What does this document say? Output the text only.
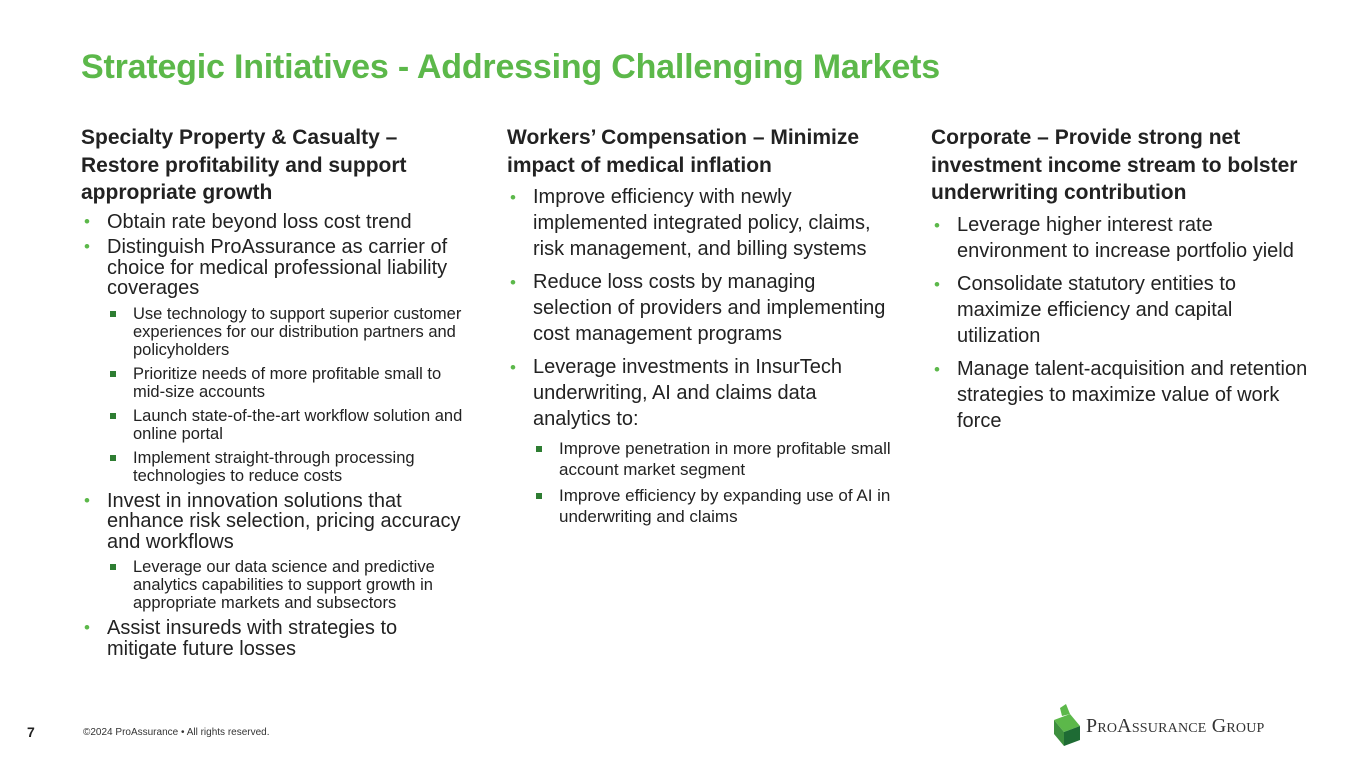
Strategic Initiatives - Addressing Challenging Markets
Specialty Property & Casualty – Restore profitability and support appropriate growth
• Obtain rate beyond loss cost trend
• Distinguish ProAssurance as carrier of choice for medical professional liability coverages
Use technology to support superior customer experiences for our distribution partners and policyholders
Prioritize needs of more profitable small to mid-size accounts
Launch state-of-the-art workflow solution and online portal
Implement straight-through processing technologies to reduce costs
• Invest in innovation solutions that enhance risk selection, pricing accuracy and workflows
Leverage our data science and predictive analytics capabilities to support growth in appropriate markets and subsectors
• Assist insureds with strategies to mitigate future losses
Workers’ Compensation – Minimize impact of medical inflation
• Improve efficiency with newly implemented integrated policy, claims, risk management, and billing systems
• Reduce loss costs by managing selection of providers and implementing cost management programs
• Leverage investments in InsurTech underwriting, AI and claims data analytics to:
Improve penetration in more profitable small account market segment
Improve efficiency by expanding use of AI in underwriting and claims
Corporate – Provide strong net investment income stream to bolster underwriting contribution
• Leverage higher interest rate environment to increase portfolio yield
• Consolidate statutory entities to maximize efficiency and capital utilization
• Manage talent-acquisition and retention strategies to maximize value of work force
7	©2024 ProAssurance • All rights reserved.	ProAssurance Group
